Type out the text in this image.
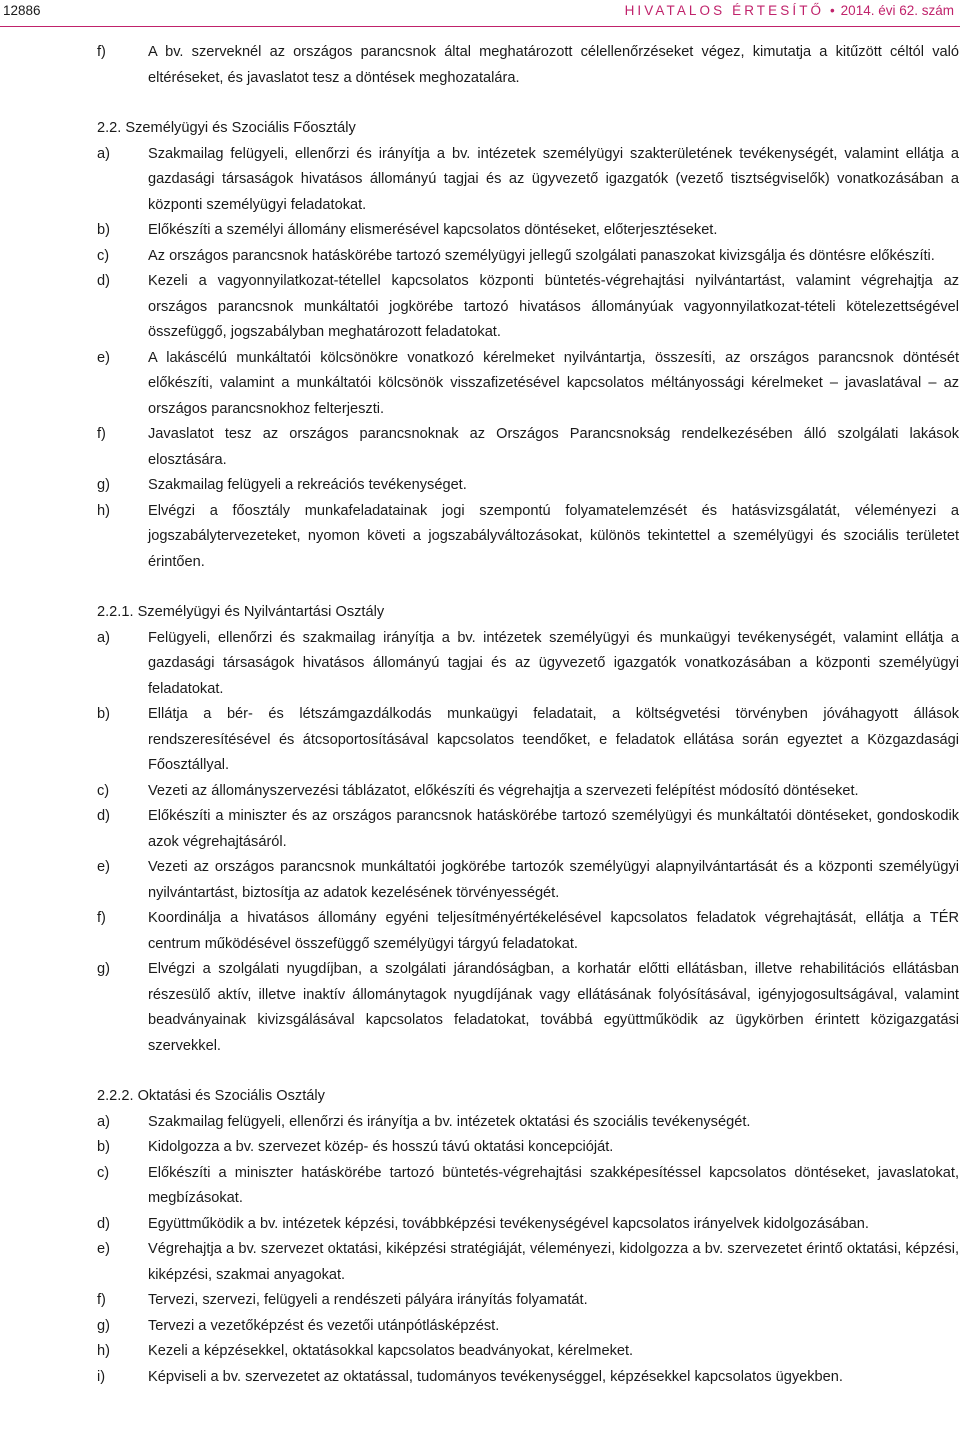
12886	HIVATALOS ÉRTESÍTŐ • 2014. évi 62. szám
f)	A bv. szerveknél az országos parancsnok által meghatározott célellenőrzéseket végez, kimutatja a kitűzött céltól való eltéréseket, és javaslatot tesz a döntések meghozatalára.
2.2. Személyügyi és Szociális Főosztály
a)	Szakmailag felügyeli, ellenőrzi és irányítja a bv. intézetek személyügyi szakterületének tevékenységét, valamint ellátja a gazdasági társaságok hivatásos állományú tagjai és az ügyvezető igazgatók (vezető tisztségviselők) vonatkozásában a központi személyügyi feladatokat.
b)	Előkészíti a személyi állomány elismerésével kapcsolatos döntéseket, előterjesztéseket.
c)	Az országos parancsnok hatáskörébe tartozó személyügyi jellegű szolgálati panaszokat kivizsgálja és döntésre előkészíti.
d)	Kezeli a vagyonnyilatkozat-tétellel kapcsolatos központi büntetés-végrehajtási nyilvántartást, valamint végrehajtja az országos parancsnok munkáltatói jogkörébe tartozó hivatásos állományúak vagyonnyilatkozat-tételi kötelezettségével összefüggő, jogszabályban meghatározott feladatokat.
e)	A lakáscélú munkáltatói kölcsönökre vonatkozó kérelmeket nyilvántartja, összesíti, az országos parancsnok döntését előkészíti, valamint a munkáltatói kölcsönök visszafizetésével kapcsolatos méltányossági kérelmeket – javaslatával – az országos parancsnokhoz felterjeszti.
f)	Javaslatot tesz az országos parancsnoknak az Országos Parancsnokság rendelkezésében álló szolgálati lakások elosztására.
g)	Szakmailag felügyeli a rekreációs tevékenységet.
h)	Elvégzi a főosztály munkafeladatainak jogi szempontú folyamatelemzését és hatásvizsgálatát, véleményezi a jogszabálytervezeteket, nyomon követi a jogszabályváltozásokat, különös tekintettel a személyügyi és szociális területet érintően.
2.2.1. Személyügyi és Nyilvántartási Osztály
a)	Felügyeli, ellenőrzi és szakmailag irányítja a bv. intézetek személyügyi és munkaügyi tevékenységét, valamint ellátja a gazdasági társaságok hivatásos állományú tagjai és az ügyvezető igazgatók vonatkozásában a központi személyügyi feladatokat.
b)	Ellátja a bér- és létszámgazdálkodás munkaügyi feladatait, a költségvetési törvényben jóváhagyott állások rendszeresítésével és átcsoportosításával kapcsolatos teendőket, e feladatok ellátása során egyeztet a Közgazdasági Főosztállyal.
c)	Vezeti az állományszervezési táblázatot, előkészíti és végrehajtja a szervezeti felépítést módosító döntéseket.
d)	Előkészíti a miniszter és az országos parancsnok hatáskörébe tartozó személyügyi és munkáltatói döntéseket, gondoskodik azok végrehajtásáról.
e)	Vezeti az országos parancsnok munkáltatói jogkörébe tartozók személyügyi alapnyilvántartását és a központi személyügyi nyilvántartást, biztosítja az adatok kezelésének törvényességét.
f)	Koordinálja a hivatásos állomány egyéni teljesítményértékelésével kapcsolatos feladatok végrehajtását, ellátja a TÉR centrum működésével összefüggő személyügyi tárgyú feladatokat.
g)	Elvégzi a szolgálati nyugdíjban, a szolgálati járandóságban, a korhatár előtti ellátásban, illetve rehabilitációs ellátásban részesülő aktív, illetve inaktív állománytagok nyugdíjának vagy ellátásának folyósításával, igényjogosultságával, valamint beadványainak kivizsgálásával kapcsolatos feladatokat, továbbá együttműködik az ügykörben érintett közigazgatási szervekkel.
2.2.2. Oktatási és Szociális Osztály
a)	Szakmailag felügyeli, ellenőrzi és irányítja a bv. intézetek oktatási és szociális tevékenységét.
b)	Kidolgozza a bv. szervezet közép- és hosszú távú oktatási koncepcióját.
c)	Előkészíti a miniszter hatáskörébe tartozó büntetés-végrehajtási szakképesítéssel kapcsolatos döntéseket, javaslatokat, megbízásokat.
d)	Együttműködik a bv. intézetek képzési, továbbképzési tevékenységével kapcsolatos irányelvek kidolgozásában.
e)	Végrehajtja a bv. szervezet oktatási, kiképzési stratégiáját, véleményezi, kidolgozza a bv. szervezetet érintő oktatási, képzési, kiképzési, szakmai anyagokat.
f)	Tervezi, szervezi, felügyeli a rendészeti pályára irányítás folyamatát.
g)	Tervezi a vezetőképzést és vezetői utánpótlásképzést.
h)	Kezeli a képzésekkel, oktatásokkal kapcsolatos beadványokat, kérelmeket.
i)	Képviseli a bv. szervezetet az oktatással, tudományos tevékenységgel, képzésekkel kapcsolatos ügyekben.
